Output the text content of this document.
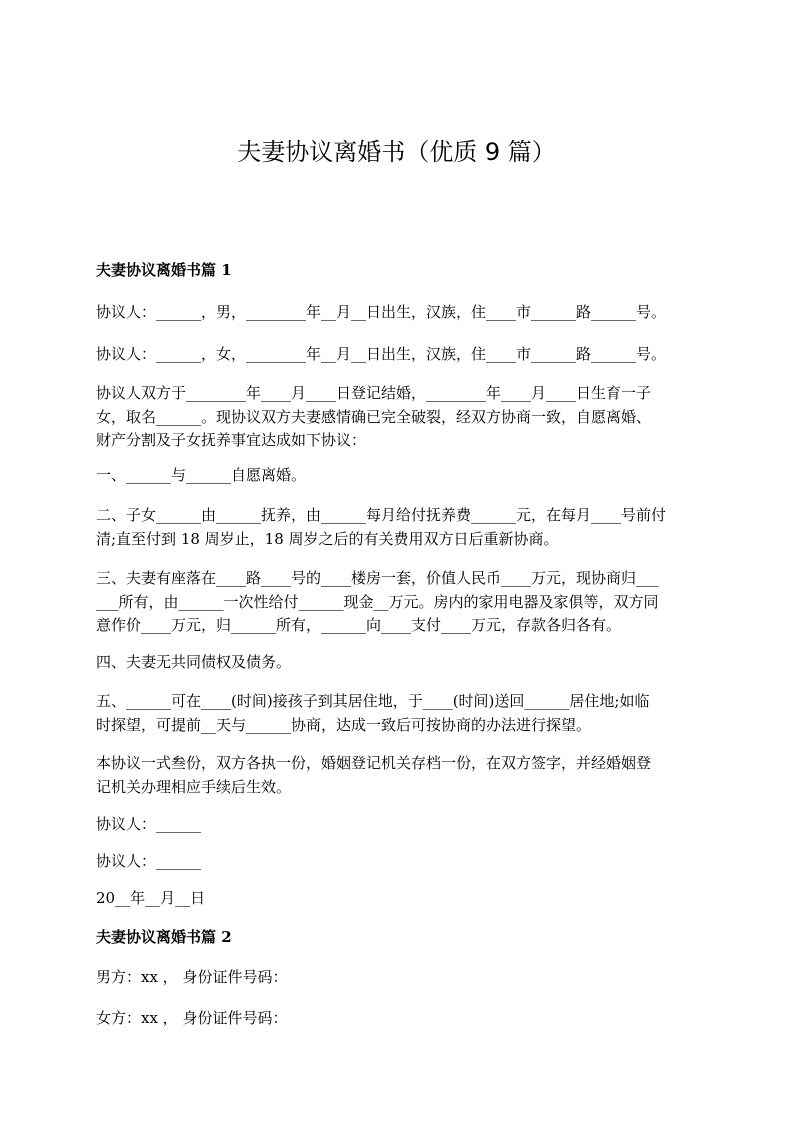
夫妻协议离婚书（优质 9 篇）
夫妻协议离婚书篇 1
协议人：______，男，________年__月__日出生，汉族，住____市______路______号。
协议人：______，女，________年__月__日出生，汉族，住____市______路______号。
协议人双方于________年____月____日登记结婚，________年____月____日生育一子
女，取名______。现协议双方夫妻感情确已完全破裂，经双方协商一致，自愿离婚、
财产分割及子女抚养事宜达成如下协议：
一、______与______自愿离婚。
二、子女______由______抚养，由______每月给付抚养费______元，在每月____号前付
清;直至付到 18 周岁止，18 周岁之后的有关费用双方日后重新协商。
三、夫妻有座落在____路____号的____楼房一套，价值人民币____万元，现协商归___
___所有，由______一次性给付______现金__万元。房内的家用电器及家俱等，双方同
意作价____万元，归______所有，______向____支付____万元，存款各归各有。
四、夫妻无共同债权及债务。
五、______可在____(时间)接孩子到其居住地，于____(时间)送回______居住地;如临
时探望，可提前__天与______协商，达成一致后可按协商的办法进行探望。
本协议一式叁份，双方各执一份，婚姻登记机关存档一份，在双方签字，并经婚姻登
记机关办理相应手续后生效。
协议人：______
协议人：______
20__年__月__日
夫妻协议离婚书篇 2
男方：xx ， 身份证件号码：
女方：xx ， 身份证件号码：
